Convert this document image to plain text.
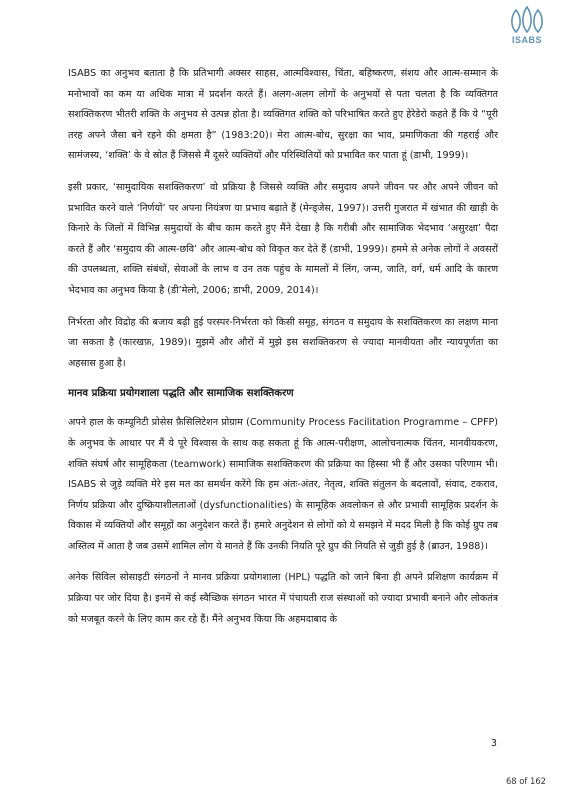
ISABS

ISABS का अनुभव बताता है कि प्रतिभागी अक्सर साहस, आत्मविश्वास, चिंता, बहिष्करण, संशय और आत्म-सम्मान के मनोभावों का कम या अधिक मात्रा में प्रदर्शन करते हैं। अलग-अलग लोगों के अनुभवों से पता चलता है कि व्यक्तिगत सशक्तिकरण भीतरी शक्ति के अनुभव से उत्पन्न होता है। व्यक्तिगत शक्ति को परिभाषित करते हुए हेरेडेरो कहते हैं कि ये “पूरी तरह अपने जैसा बने रहने की क्षमता है” (1983:20)। मेरा आत्म-बोध, सुरक्षा का भाव, प्रमाणिकता की गहराई और सामंजस्य, ‘शक्ति’ के वे स्रोत हैं जिससे मैं दूसरे व्यक्तियों और परिस्थितियों को प्रभावित कर पाता हूं (डाभी, 1999)।

इसी प्रकार, ‘सामुदायिक सशक्तिकरण’ वो प्रक्रिया है जिससे व्यक्ति और समुदाय अपने जीवन पर और अपने जीवन को प्रभावित करने वाले ‘निर्णयों’ पर अपना नियंत्रण या प्रभाव बढ़ाते हैं (मेन्ड्जेस, 1997)। उत्तरी गुजरात में खंभात की खाड़ी के किनारे के जिलों में विभिन्न समुदायों के बीच काम करते हुए मैंने देखा है कि गरीबी और सामाजिक भेदभाव ‘असुरक्षा’ पैदा करते हैं और ‘समुदाय की आत्म-छवि’ और आत्म-बोध को विकृत कर देते हैं (डाभी, 1999)। हममे से अनेक लोगों ने अवसरों की उपलब्धता, शक्ति संबंधों, सेवाओं के लाभ व उन तक पहुंच के मामलों में लिंग, जन्म, जाति, वर्ग, धर्म आदि के कारण भेदभाव का अनुभव किया है (डी’मेलो, 2006; डाभी, 2009, 2014)।

निर्भरता और विद्रोह की बजाय बढ़ी हुई परस्पर-निर्भरता को किसी समूह, संगठन व समुदाय के सशक्तिकरण का लक्षण माना जा सकता है (कारखफ़, 1989)। मुझमें और औरों में मुझे इस सशक्तिकरण से ज्यादा मानवीयता और न्यायपूर्णता का अहसास हुआ है।

मानव प्रक्रिया प्रयोगशाला पद्धति और सामाजिक सशक्तिकरण

अपने हाल के कम्यूनिटी प्रोसेस फ़ैसिलिटेशन प्रोग्राम (Community Process Facilitation Programme – CPFP) के अनुभव के आधार पर मैं ये पूरे विश्वास के साथ कह सकता हूं कि आत्म-परीक्षण, आलोचनात्मक चिंतन, मानवीयकरण, शक्ति संघर्ष और सामूहिकता (teamwork) सामाजिक सशक्तिकरण की प्रक्रिया का हिस्सा भी हैं और उसका परिणाम भी। ISABS से जुड़े व्यक्ति मेरे इस मत का समर्थन करेंगे कि हम अंतः-अंतर, नेतृत्व, शक्ति संतुलन के बदलावों, संवाद, टकराव, निर्णय प्रक्रिया और दुष्क्रियाशीलताओं (dysfunctionalities) के सामूहिक अवलोकन से और प्रभावी सामूहिक प्रदर्शन के विकास में व्यक्तियों और समूहों का अनुदेशन करते हैं। हमारे अनुदेशन से लोगों को ये समझने में मदद मिली है कि कोई ग्रुप तब अस्तित्व में आता है जब उसमें शामिल लोग ये मानते हैं कि उनकी नियति पूरे ग्रुप की नियति से जुड़ी हुई है (ब्राउन, 1988)।

अनेक सिविल सोसाइटी संगठनों ने मानव प्रक्रिया प्रयोगशाला (HPL) पद्धति को जाने बिना ही अपने प्रशिक्षण कार्यक्रम में प्रक्रिया पर जोर दिया है। इनमें से कई स्वैच्छिक संगठन भारत में पंचायती राज संस्थाओं को ज्यादा प्रभावी बनाने और लोकतंत्र को मजबूत करने के लिए काम कर रहे हैं। मैंने अनुभव किया कि अहमदाबाद के

3
68 of 162
